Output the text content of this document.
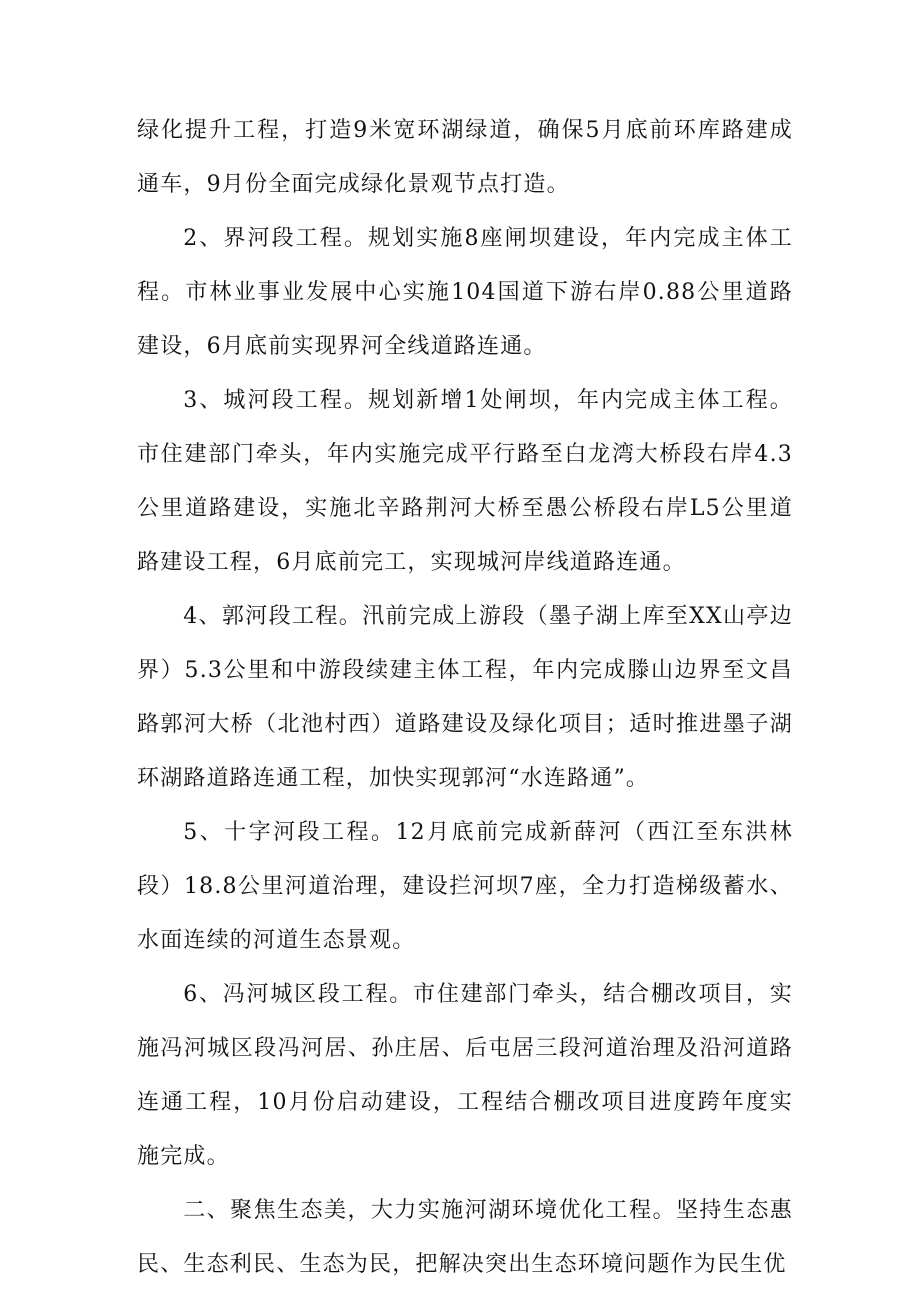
绿化提升工程，打造9米宽环湖绿道，确保5月底前环库路建成通车，9月份全面完成绿化景观节点打造。

2、界河段工程。规划实施8座闸坝建设，年内完成主体工程。市林业事业发展中心实施104国道下游右岸0.88公里道路建设，6月底前实现界河全线道路连通。

3、城河段工程。规划新增1处闸坝，年内完成主体工程。市住建部门牵头，年内实施完成平行路至白龙湾大桥段右岸4.3公里道路建设，实施北辛路荆河大桥至愚公桥段右岸L5公里道路建设工程，6月底前完工，实现城河岸线道路连通。

4、郭河段工程。汛前完成上游段（墨子湖上库至XX山亭边界）5.3公里和中游段续建主体工程，年内完成滕山边界至文昌路郭河大桥（北池村西）道路建设及绿化项目；适时推进墨子湖环湖路道路连通工程，加快实现郭河“水连路通”。

5、十字河段工程。12月底前完成新薛河（西江至东洪林段）18.8公里河道治理，建设拦河坝7座，全力打造梯级蓄水、水面连续的河道生态景观。

6、冯河城区段工程。市住建部门牵头，结合棚改项目，实施冯河城区段冯河居、孙庄居、后屯居三段河道治理及沿河道路连通工程，10月份启动建设，工程结合棚改项目进度跨年度实施完成。

二、聚焦生态美，大力实施河湖环境优化工程。坚持生态惠民、生态利民、生态为民，把解决突出生态环境问题作为民生优
